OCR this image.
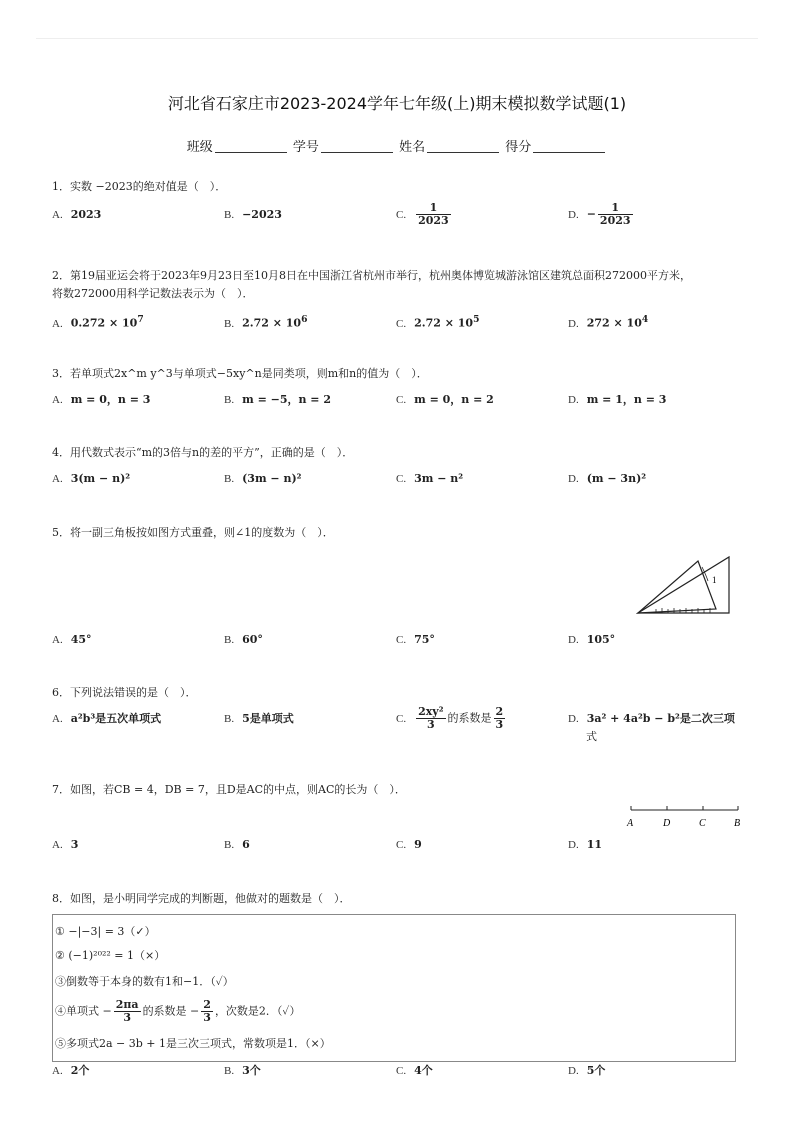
河北省石家庄市2023-2024学年七年级(上)期末模拟数学试题(1)
班级	学号	姓名	得分
1．实数 −2023的绝对值是（　）．
A. 2023	B. −2023	C. $\frac{1}{2023}$	D. − $\frac{1}{2023}$
2．第19届亚运会将于2023年9月23日至10月8日在中国浙江省杭州市举行，杭州奥体博览城游泳馆区建筑总面积272000平方米，
将数272000用科学记数法表示为（　）．
A. $0.272 \times 10^7$	B. $2.72 \times 10^6$	C. $2.72 \times 10^5$	D. $272 \times 10^4$
3．若单项式2x^m y^3与单项式−5xy^n是同类项，则m和n的值为（　）．
A. m = 0，n = 3	B. m = −5，n = 2	C. m = 0，n = 2	D. m = 1，n = 3
4．用代数式表示“m的3倍与n的差的平方”，正确的是（　）．
A. 3(m − n)²	B. (3m − n)²	C. 3m − n²	D. (m − 3n)²
5．将一副三角板按如图方式重叠，则∠1的度数为（　）．
1
A. 45°	B. 60°	C. 75°	D. 105°
6．下列说法错误的是（　）．
A. a²b³是五次单项式	B. 5是单项式	C. $\frac{\text{2xy²}}{3}$ 的系数是 $\frac{2}{3}$	D. 3a² + 4a²b − b²是二次三项
式
7．如图，若CB = 4，DB = 7，且D是AC的中点，则AC的长为（　）．
A	D	C	B
A. 3	B. 6	C. 9	D. 11
8．如图，是小明同学完成的判断题，他做对的题数是（　）．
① −|−3| = 3（✓）
② (−1)²⁰²² = 1（×）
③倒数等于本身的数有1和−1．（✓）
④单项式 − $\frac{2\pi a}{3}$ 的系数是 − $\frac{2}{3}$ ，次数是2．（✓）
⑤多项式2a − 3b + 1是三次三项式，常数项是1．（×）
A. 2个	B. 3个	C. 4个	D. 5个
